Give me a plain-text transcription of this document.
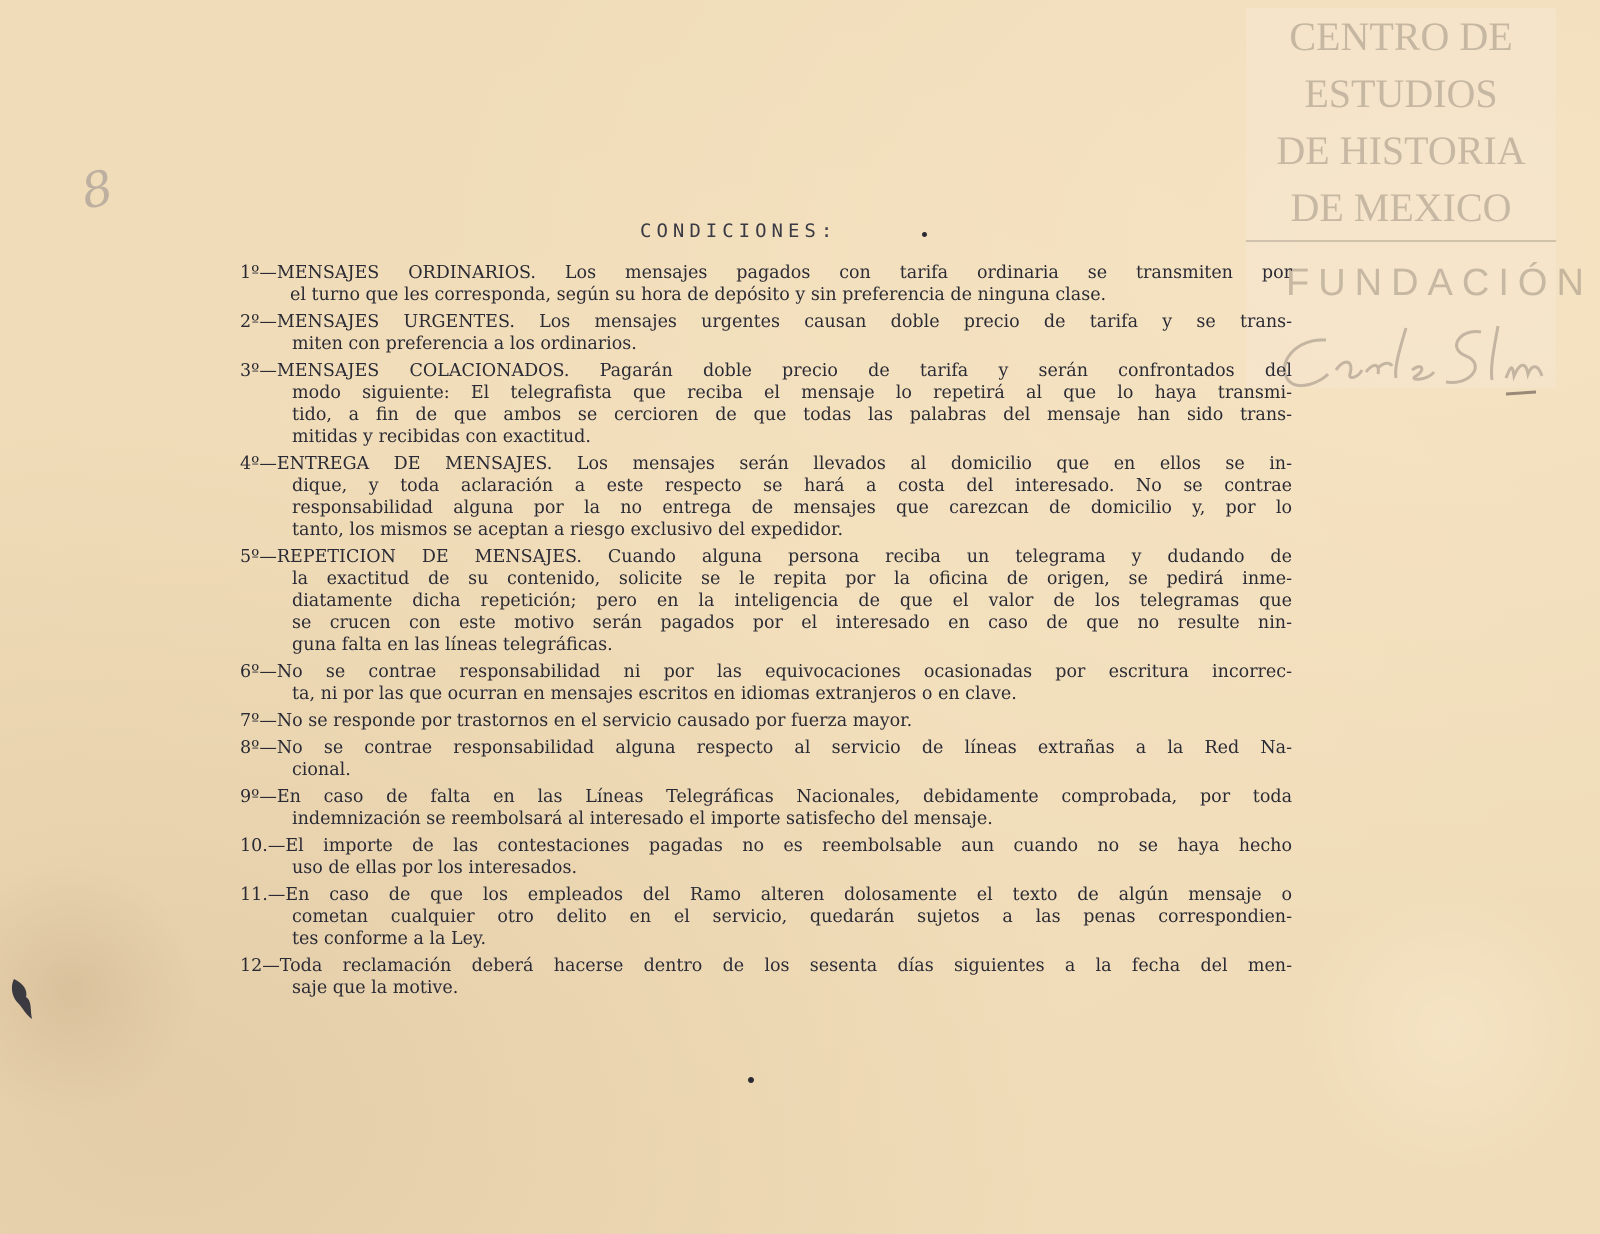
8
CENTRO DE
ESTUDIOS
DE HISTORIA
DE MEXICO
FUNDACIÓN
CONDICIONES:
1º—MENSAJES ORDINARIOS. Los mensajes pagados con tarifa ordinaria se transmiten por
el turno que les corresponda, según su hora de depósito y sin preferencia de ninguna clase.
2º—MENSAJES URGENTES. Los mensajes urgentes causan doble precio de tarifa y se trans-
miten con preferencia a los ordinarios.
3º—MENSAJES COLACIONADOS. Pagarán doble precio de tarifa y serán confrontados del
modo siguiente: El telegrafista que reciba el mensaje lo repetirá al que lo haya transmi-
tido, a fin de que ambos se cercioren de que todas las palabras del mensaje han sido trans-
mitidas y recibidas con exactitud.
4º—ENTREGA DE MENSAJES. Los mensajes serán llevados al domicilio que en ellos se in-
dique, y toda aclaración a este respecto se hará a costa del interesado. No se contrae
responsabilidad alguna por la no entrega de mensajes que carezcan de domicilio y, por lo
tanto, los mismos se aceptan a riesgo exclusivo del expedidor.
5º—REPETICION DE MENSAJES. Cuando alguna persona reciba un telegrama y dudando de
la exactitud de su contenido, solicite se le repita por la oficina de origen, se pedirá inme-
diatamente dicha repetición; pero en la inteligencia de que el valor de los telegramas que
se crucen con este motivo serán pagados por el interesado en caso de que no resulte nin-
guna falta en las líneas telegráficas.
6º—No se contrae responsabilidad ni por las equivocaciones ocasionadas por escritura incorrec-
ta, ni por las que ocurran en mensajes escritos en idiomas extranjeros o en clave.
7º—No se responde por trastornos en el servicio causado por fuerza mayor.
8º—No se contrae responsabilidad alguna respecto al servicio de líneas extrañas a la Red Na-
cional.
9º—En caso de falta en las Líneas Telegráficas Nacionales, debidamente comprobada, por toda
indemnización se reembolsará al interesado el importe satisfecho del mensaje.
10.—El importe de las contestaciones pagadas no es reembolsable aun cuando no se haya hecho
uso de ellas por los interesados.
11.—En caso de que los empleados del Ramo alteren dolosamente el texto de algún mensaje o
cometan cualquier otro delito en el servicio, quedarán sujetos a las penas correspondien-
tes conforme a la Ley.
12—Toda reclamación deberá hacerse dentro de los sesenta días siguientes a la fecha del men-
saje que la motive.
